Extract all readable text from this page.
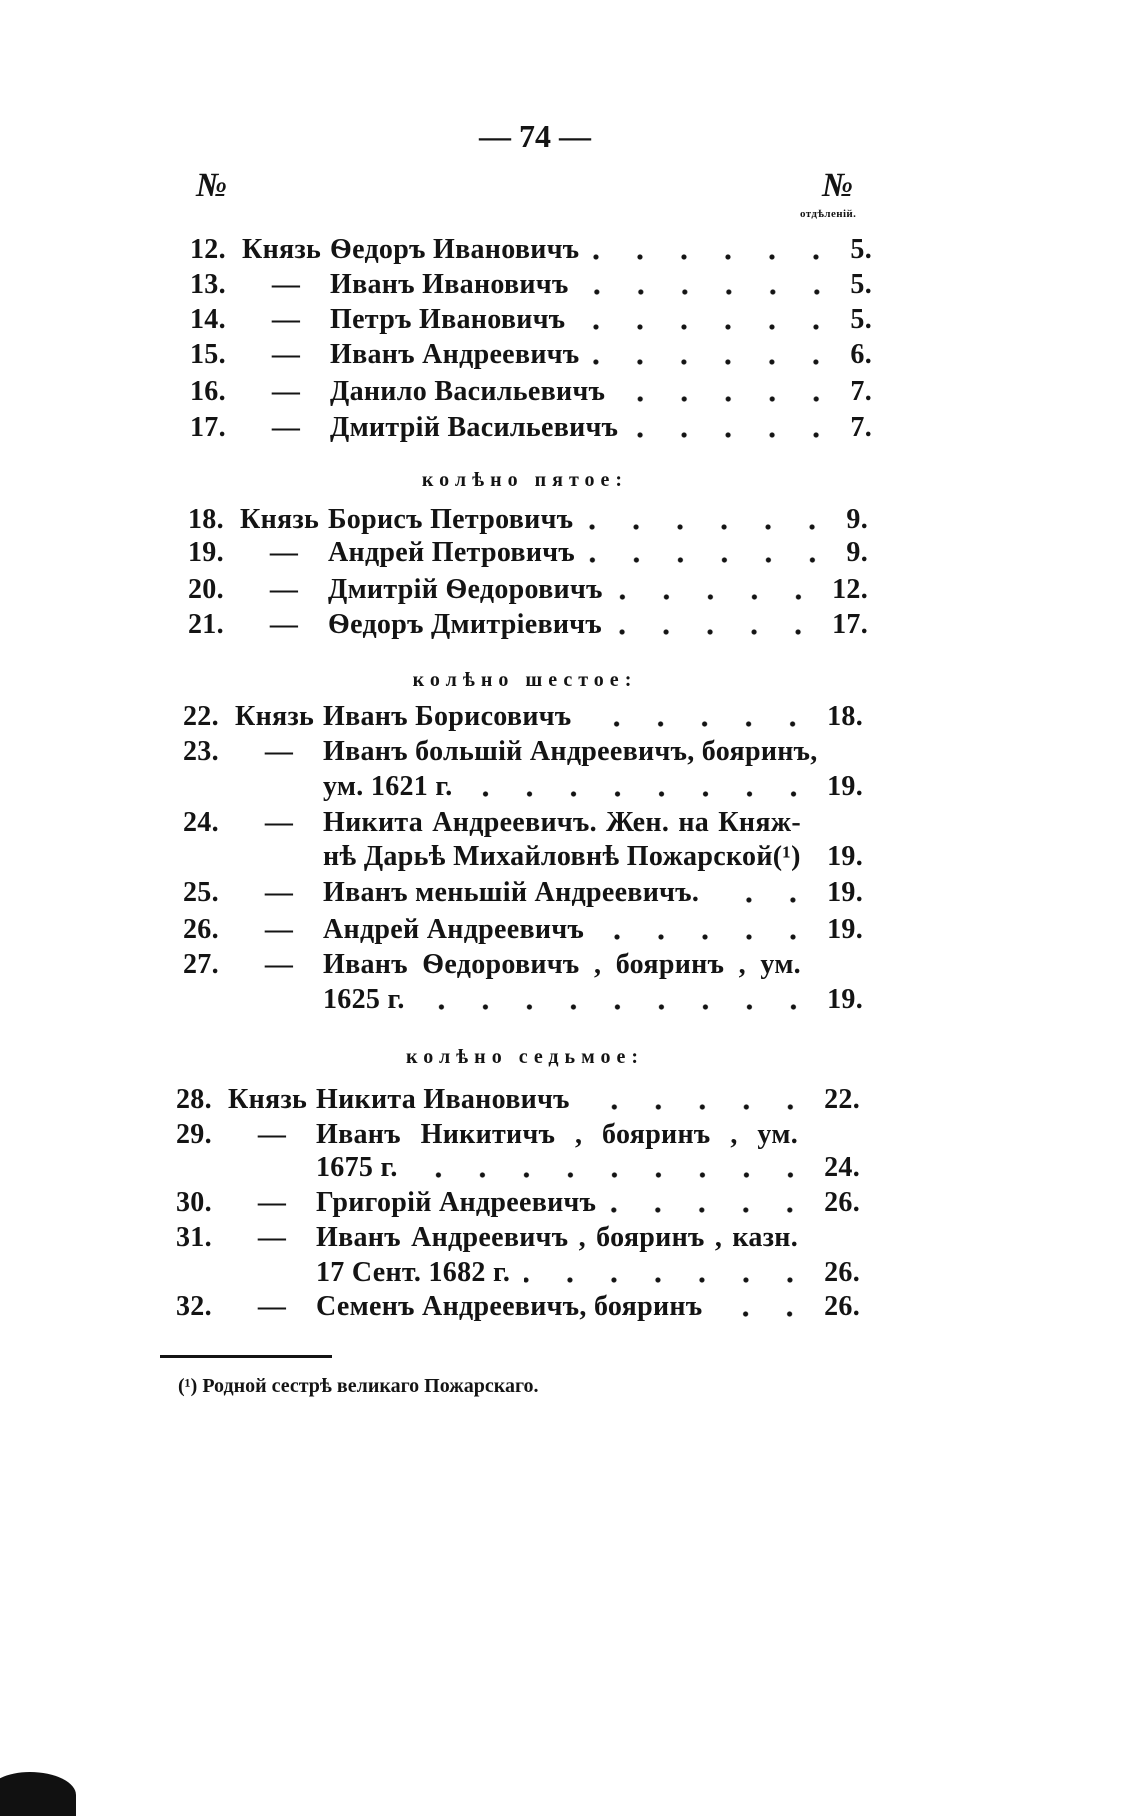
— 74 —
№	№
отдѣленій.
12. Князь Ѳедоръ Ивановичъ	5.
13.	—	Иванъ Ивановичъ	5.
14.	—	Петръ Ивановичъ	5.
15.	—	Иванъ Андреевичъ	6.
16.	—	Данило Васильевичъ	7.
17.	—	Дмитрій Васильевичъ	7.
колѣно пятое:
18. Князь Борисъ Петровичъ	9.
19.	—	Андрей Петровичъ	9.
20.	—	Дмитрій Ѳедоровичъ	12.
21.	—	Ѳедоръ Дмитріевичъ	17.
колѣно шестое:
22. Князь Иванъ Борисовичъ	18.
23.	—	Иванъ большій Андреевичъ, бояринъ,
ум. 1621 г.	19.
24.	—	Никита Андреевичъ. Жен. на Княж-
нѣ Дарьѣ Михайловнѣ Пожарской(¹) 19.
25.	—	Иванъ меньшій Андреевичъ.	19.
26.	—	Андрей Андреевичъ	19.
27.	—	Иванъ Ѳедоровичъ , бояринъ , ум.
1625 г.	19.
колѣно седьмое:
28. Князь Никита Ивановичъ	22.
29.	—	Иванъ Никитичъ , бояринъ , ум.
1675 г.	24.
30.	—	Григорій Андреевичъ	26.
31.	—	Иванъ Андреевичъ , бояринъ , казн.
17 Сент. 1682 г.	26.
32.	—	Семенъ Андреевичъ, бояринъ	26.
(¹) Родной сестрѣ великаго Пожарскаго.
